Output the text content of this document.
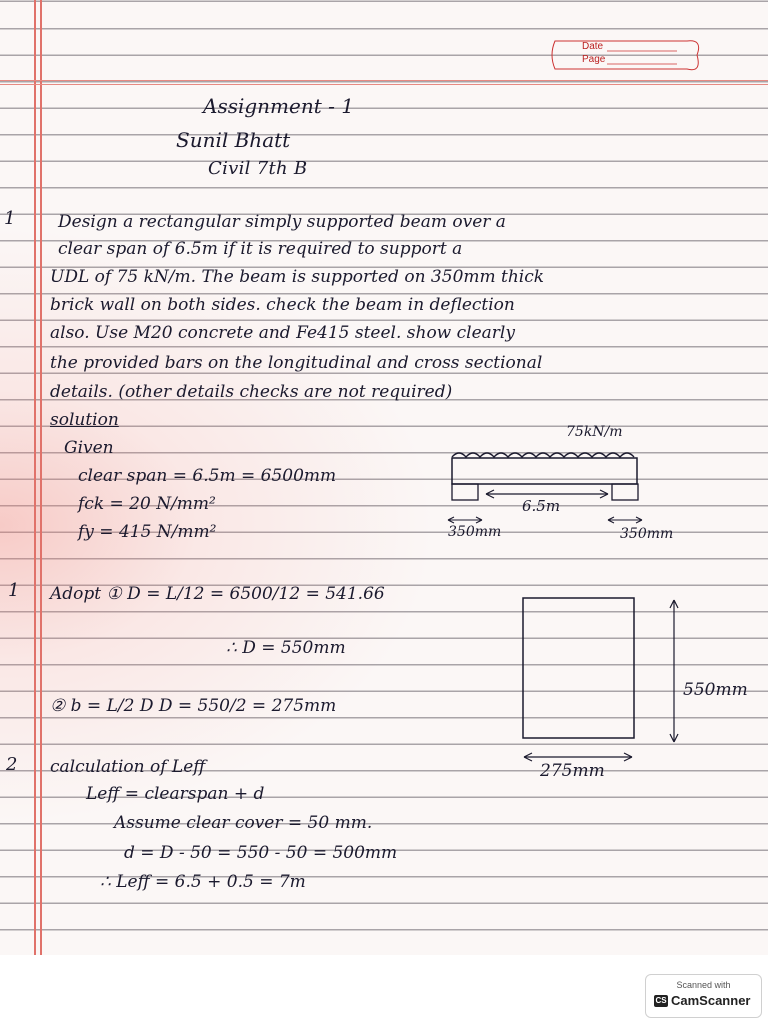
Date
Page
Assignment - 1
Sunil Bhatt
Civil 7th B
1 Design a rectangular simply supported beam over a
clear span of 6.5m if it is required to support a
UDL of 75 kN/m. The beam is supported on 350mm thick
brick wall on both sides. check the beam in deflection
also. Use M20 concrete and Fe415 steel. show clearly
the provided bars on the longitudinal and cross sectional
details. (other details checks are not required)
solution
Given
clear span = 6.5m = 6500mm
fck = 20 N/mm²
fy = 415 N/mm²
75kN/m
6.5m
350mm	350mm
1 Adopt ① D = L/12 = 6500/12 = 541.66
∴ D = 550mm
② b = L/2 D D = 550/2 = 275mm
550mm
275mm
2 calculation of Leff
Leff = clearspan + d
Assume clear cover = 50 mm.
d = D - 50 = 550 - 50 = 500mm
∴ Leff = 6.5 + 0.5 = 7m
Scanned with
CS CamScanner
